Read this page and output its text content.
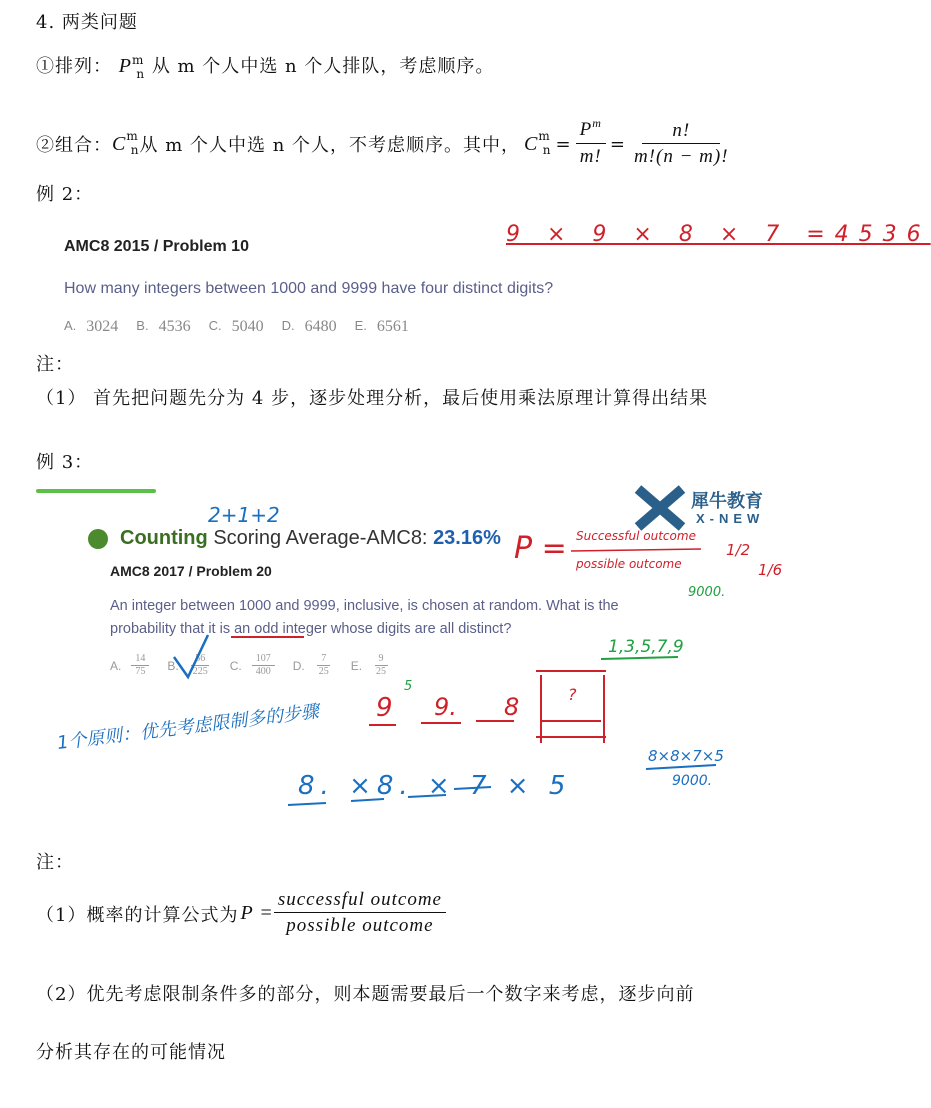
4. 两类问题
①排列： $P^m_n$ 从 m 个人中选 n 个人排队，考虑顺序。
②组合： C m
n 从 m 个人中选 n 个人，不考虑顺序。其中， C m
$n = \frac{P^m}{m!} = \frac{n!}{m!(n - m)!}$
例 2：
AMC8 2015 / Problem 10
How many integers between 1000 and 9999 have four distinct digits?
A. 3024 B. 4536 C. 5040 D. 6480 E. 6561
9 × 9 × 8 × 7 =4536
注：
（1） 首先把问题先分为 4 步，逐步处理分析，最后使用乘法原理计算得出结果
例 3：
犀牛教育
X-NEW
Counting Scoring Average-AMC8: 23.16%
AMC8 2017 / Problem 20
An integer between 1000 and 9999, inclusive, is chosen at random. What is the
probability that it is an odd integer whose digits are all distinct?
A. $\frac{14}{75} B$. $\frac{56}{225} C$. $\frac{107}{400} D$. $\frac{7}{25} E$. $\frac{9}{25}$
2+1+2
P = Successful outcome
possible outcome
1/2
1/6
9000.
1,3,5,7,9
1个原则：优先考虑限制多的步骤 9
5
9. 8	?
8. ×8. × 7 × 5
8×8×7×5
9000.
注：
（1）概率的计算公式为 $P = \frac{\text{successful outcome}}{\text{possible outcome}}$
（2）优先考虑限制条件多的部分，则本题需要最后一个数字来考虑，逐步向前
分析其存在的可能情况
